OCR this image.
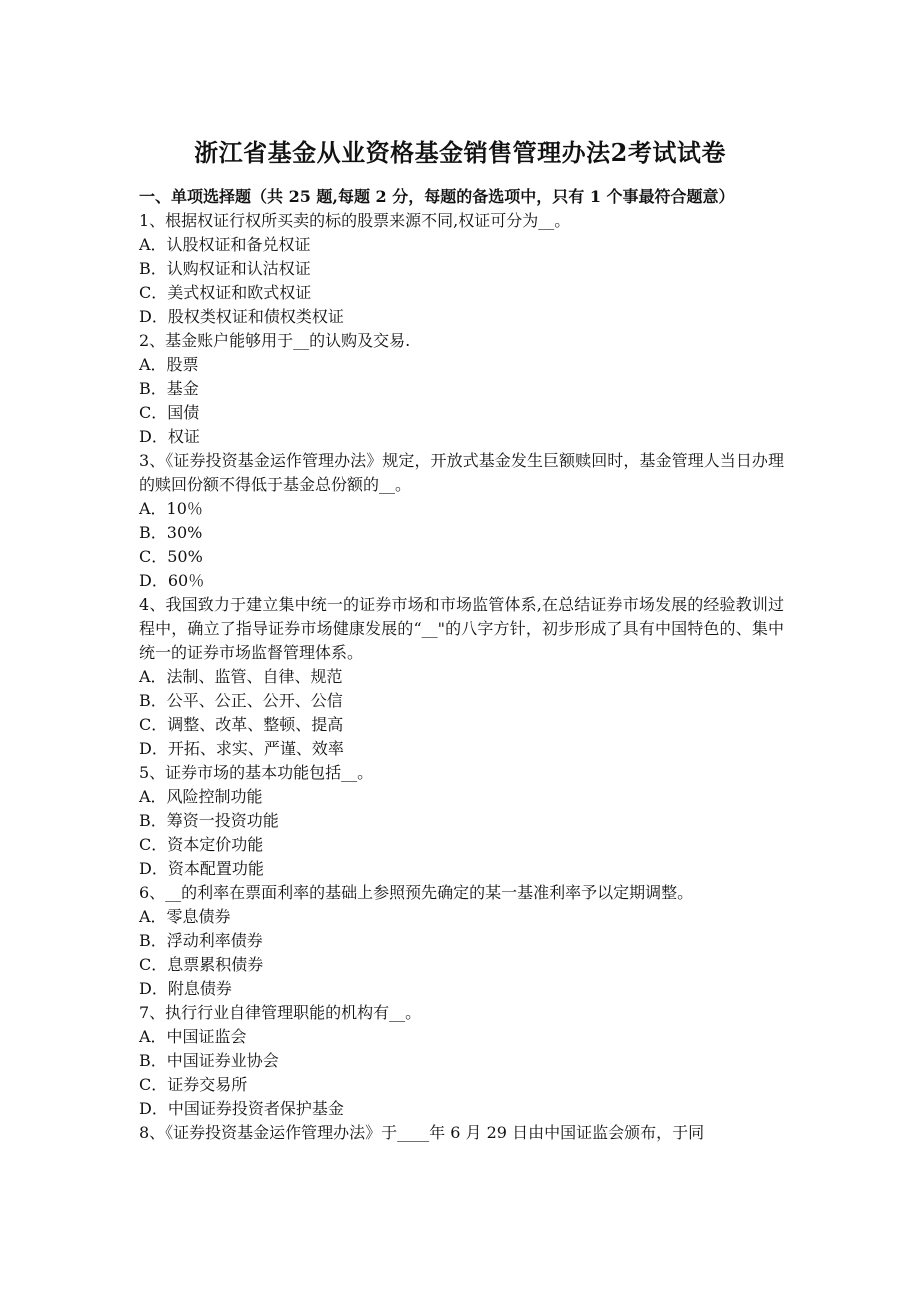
浙江省基金从业资格基金销售管理办法2考试试卷
一、单项选择题（共 25 题,每题 2 分，每题的备选项中，只有 1 个事最符合题意）
1、根据权证行权所买卖的标的股票来源不同,权证可分为__。
A．认股权证和备兑权证
B．认购权证和认沽权证
C．美式权证和欧式权证
D．股权类权证和债权类权证
2、基金账户能够用于__的认购及交易.
A．股票
B．基金
C．国债
D．权证
3、《证券投资基金运作管理办法》规定，开放式基金发生巨额赎回时，基金管理人当日办理的赎回份额不得低于基金总份额的__。
A．10％
B．30%
C．50%
D．60％
4、我国致力于建立集中统一的证券市场和市场监管体系,在总结证券市场发展的经验教训过程中，确立了指导证券市场健康发展的“__"的八字方针，初步形成了具有中国特色的、集中统一的证券市场监督管理体系。
A．法制、监管、自律、规范
B．公平、公正、公开、公信
C．调整、改革、整顿、提高
D．开拓、求实、严谨、效率
5、证券市场的基本功能包括__。
A．风险控制功能
B．筹资一投资功能
C．资本定价功能
D．资本配置功能
6、__的利率在票面利率的基础上参照预先确定的某一基准利率予以定期调整。
A．零息债券
B．浮动利率债券
C．息票累积债券
D．附息债券
7、执行行业自律管理职能的机构有__。
A．中国证监会
B．中国证券业协会
C．证券交易所
D．中国证券投资者保护基金
8、《证券投资基金运作管理办法》于____年 6 月 29 日由中国证监会颁布，于同
